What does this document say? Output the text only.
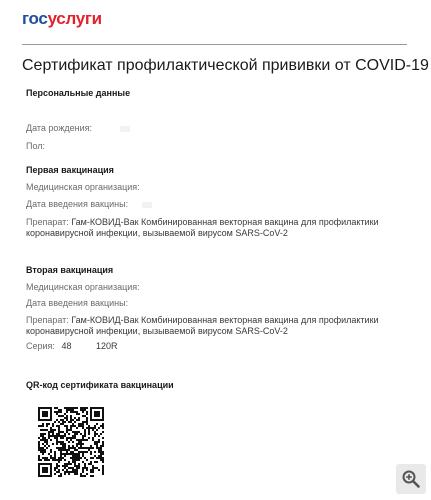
госуслуги
Сертификат профилактической прививки от COVID-19
Персональные данные
Дата рождения:
Пол:
Первая вакцинация
Медицинская организация:
Дата введения вакцины:
Препарат: Гам-КОВИД-Вак Комбинированная векторная вакцина для профилактики коронавирусной инфекции, вызываемой вирусом SARS-CoV-2
Вторая вакцинация
Медицинская организация:
Дата введения вакцины:
Препарат: Гам-КОВИД-Вак Комбинированная векторная вакцина для профилактики коронавирусной инфекции, вызываемой вирусом SARS-CoV-2
Серия: 48	120R
QR-код сертификата вакцинации
